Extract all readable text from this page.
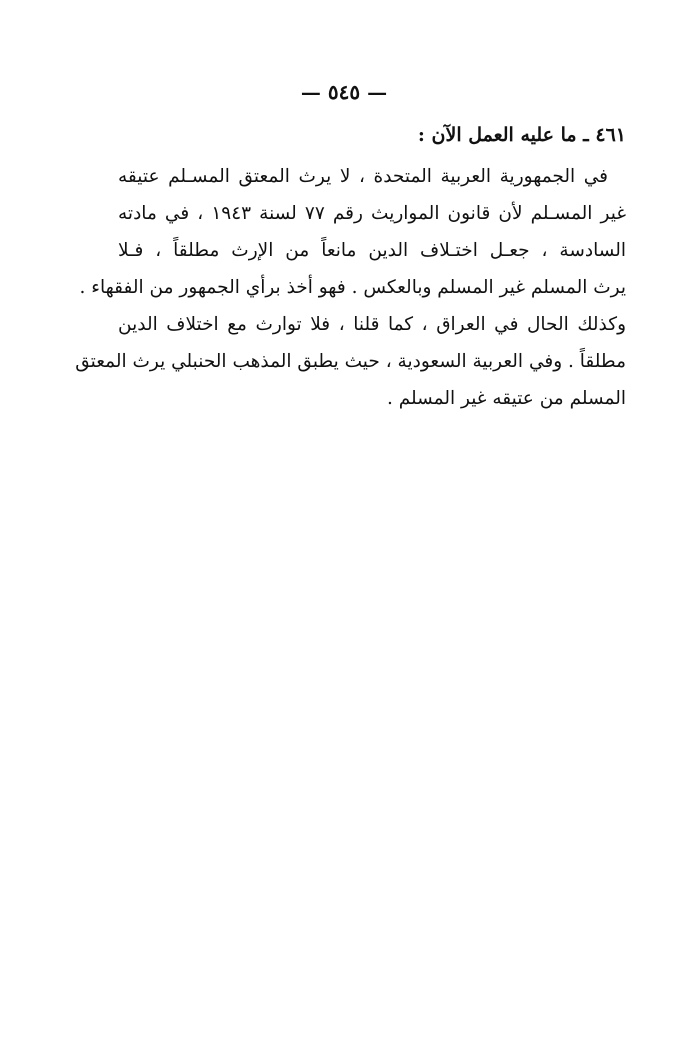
— ٥٤٥ —
٤٦١ ـ ما عليه العمل الآن :
في الجمهورية العربية المتحدة ، لا يرث المعتق المسـلم عتيقه
غير المسـلم لأن قانون المواريث رقم ٧٧ لسنة ١٩٤٣ ، في مادته
السادسة ، جعـل اختـلاف الدين مانعاً من الإرث مطلقاً ، فـلا
يرث المسلم غير المسلم وبالعكس . فهو أخذ برأي الجمهور من الفقهاء .
وكذلك الحال في العراق ، كما قلنا ، فلا توارث مع اختلاف الدين
مطلقاً . وفي العربية السعودية ، حيث يطبق المذهب الحنبلي يرث المعتق
المسلم من عتيقه غير المسلم .
